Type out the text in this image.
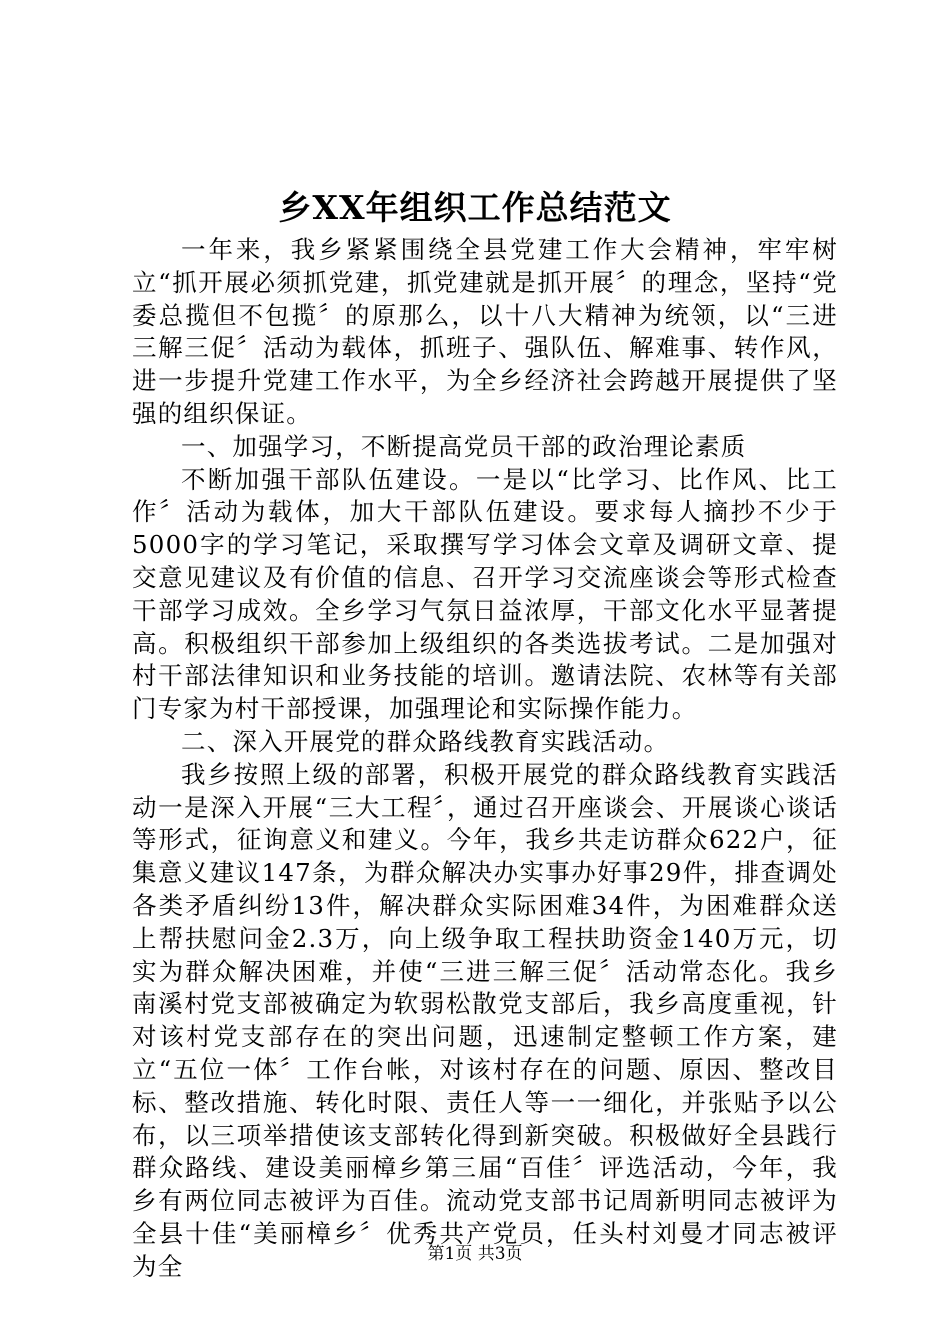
乡XX年组织工作总结范文

一年来，我乡紧紧围绕全县党建工作大会精神，牢牢树立“抓开展必须抓党建，抓党建就是抓开展〞的理念，坚持“党委总揽但不包揽〞的原那么，以十八大精神为统领，以“三进三解三促〞活动为载体，抓班子、强队伍、解难事、转作风，进一步提升党建工作水平，为全乡经济社会跨越开展提供了坚强的组织保证。

一、加强学习，不断提高党员干部的政治理论素质

不断加强干部队伍建设。一是以“比学习、比作风、比工作〞活动为载体，加大干部队伍建设。要求每人摘抄不少于5000字的学习笔记，采取撰写学习体会文章及调研文章、提交意见建议及有价值的信息、召开学习交流座谈会等形式检查干部学习成效。全乡学习气氛日益浓厚，干部文化水平显著提高。积极组织干部参加上级组织的各类选拔考试。二是加强对村干部法律知识和业务技能的培训。邀请法院、农林等有关部门专家为村干部授课，加强理论和实际操作能力。

二、深入开展党的群众路线教育实践活动。

我乡按照上级的部署，积极开展党的群众路线教育实践活动一是深入开展“三大工程〞，通过召开座谈会、开展谈心谈话等形式，征询意义和建义。今年，我乡共走访群众622户，征集意义建议147条，为群众解决办实事办好事29件，排查调处各类矛盾纠纷13件，解决群众实际困难34件，为困难群众送上帮扶慰问金2.3万，向上级争取工程扶助资金140万元，切实为群众解决困难，并使“三进三解三促〞活动常态化。我乡南溪村党支部被确定为软弱松散党支部后，我乡高度重视，针对该村党支部存在的突出问题，迅速制定整顿工作方案，建立“五位一体〞工作台帐，对该村存在的问题、原因、整改目标、整改措施、转化时限、责任人等一一细化，并张贴予以公布，以三项举措使该支部转化得到新突破。积极做好全县践行群众路线、建设美丽樟乡第三届“百佳〞评选活动，今年，我乡有两位同志被评为百佳。流动党支部书记周新明同志被评为全县十佳“美丽樟乡〞优秀共产党员，任头村刘曼才同志被评为全	第1页 共3页
